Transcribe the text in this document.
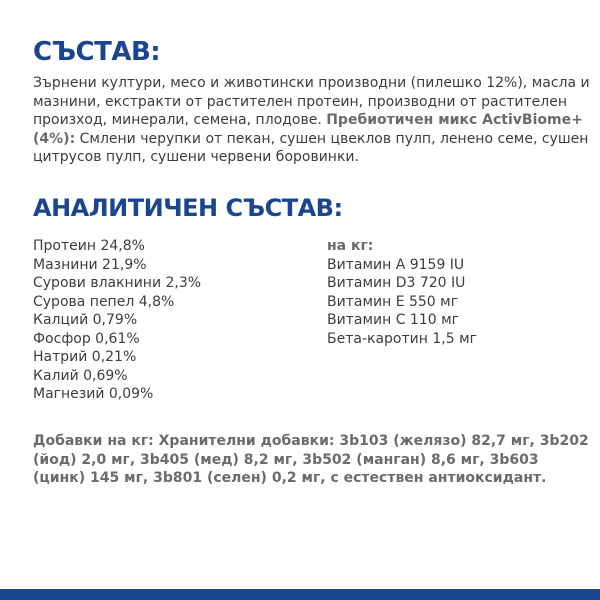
СЪСТАВ:

Зърнени култури, месо и животински производни (пилешко 12%), масла и мазнини, екстракти от растителен протеин, производни от растителен произход, минерали, семена, плодове. Пребиотичен микс ActivBiome+ (4%): Смлени черупки от пекан, сушен цвеклов пулп, ленено семе, сушен цитрусов пулп, сушени червени боровинки.

АНАЛИТИЧЕН СЪСТАВ:
Протеин 24,8%
Мазнини 21,9%
Сурови влакнини 2,3%
Сурова пепел 4,8%
Калций 0,79%
Фосфор 0,61%
Натрий 0,21%
Калий 0,69%
Магнезий 0,09%
на кг:
Витамин А 9159 IU
Витамин D3 720 IU
Витамин Е 550 мг
Витамин С 110 мг
Бета-каротин 1,5 мг

Добавки на кг: Хранителни добавки: 3b103 (желязо) 82,7 мг, 3b202 (йод) 2,0 мг, 3b405 (мед) 8,2 мг, 3b502 (манган) 8,6 мг, 3b603 (цинк) 145 мг, 3b801 (селен) 0,2 мг, с естествен антиоксидант.
